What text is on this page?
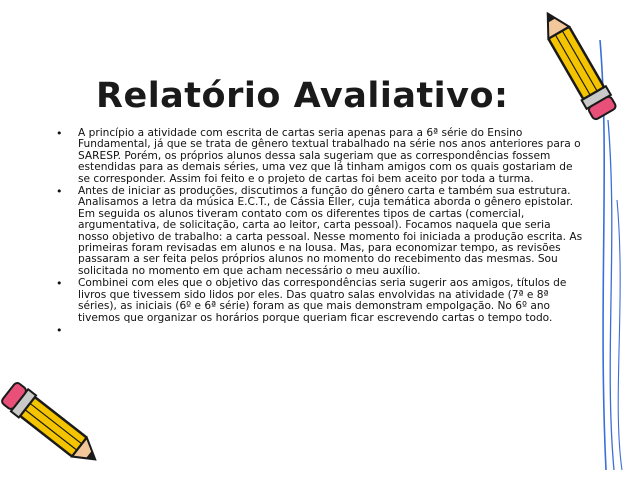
Relatório Avaliativo:
• A princípio a atividade com escrita de cartas seria apenas para a 6ª série do Ensino Fundamental, já que se trata de gênero textual trabalhado na série nos anos anteriores para o SARESP. Porém, os próprios alunos dessa sala sugeriam que as correspondências fossem estendidas para as demais séries, uma vez que lá tinham amigos com os quais gostariam de se corresponder. Assim foi feito e o projeto de cartas foi bem aceito por toda a turma.
• Antes de iniciar as produções, discutimos a função do gênero carta e também sua estrutura. Analisamos a letra da música E.C.T., de Cássia Eller, cuja temática aborda o gênero epistolar. Em seguida os alunos tiveram contato com os diferentes tipos de cartas (comercial, argumentativa, de solicitação, carta ao leitor, carta pessoal). Focamos naquela que seria nosso objetivo de trabalho: a carta pessoal. Nesse momento foi iniciada a produção escrita. As primeiras foram revisadas em alunos e na lousa. Mas, para economizar tempo, as revisões passaram a ser feita pelos próprios alunos no momento do recebimento das mesmas. Sou solicitada no momento em que acham necessário o meu auxílio.
• Combinei com eles que o objetivo das correspondências seria sugerir aos amigos, títulos de livros que tivessem sido lidos por eles. Das quatro salas envolvidas na atividade (7ª e 8ª séries), as iniciais (6º e 6ª série) foram as que mais demonstram empolgação. No 6º ano tivemos que organizar os horários porque queriam ficar escrevendo cartas o tempo todo.
•
